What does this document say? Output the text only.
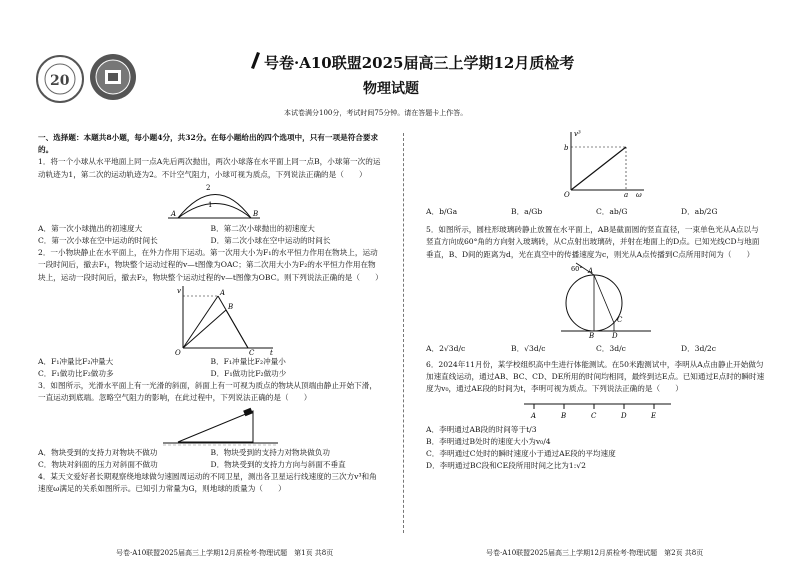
20
号卷·A10联盟2025届高三上学期12月质检考
物理试题
本试卷满分100分，考试时间75分钟。请在答题卡上作答。

一、选择题：本题共8小题，每小题4分，共32分。在每小题给出的四个选项中，只有一项是符合要求的。

1．将一个小球从水平地面上同一点A先后两次抛出，两次小球落在水平面上同一点B，小球第一次的运动轨迹为1，第二次的运动轨迹为2。不计空气阻力，小球可视为质点，下列说法正确的是（　　）

2
1
A	B
A．第一次小球抛出的初速度大	B．第二次小球抛出的初速度大
C．第一次小球在空中运动的时间长	D．第二次小球在空中运动的时间长

2．一小物块静止在水平面上，在外力作用下运动。第一次用大小为F₁的水平恒力作用在物块上，运动一段时间后，撤去F₁，物块整个运动过程的v—t图像为OAC；第二次用大小为F₂的水平恒力作用在物块上，运动一段时间后，撤去F₂，物块整个运动过程的v—t图像为OBC。则下列说法正确的是（　　）

v
t
O
A
B
C
A．F₁冲量比F₂冲量大	B．F₁冲量比F₂冲量小
C．F₁做功比F₂做功多	D．F₁做功比F₂做功少

3．如图所示，光滑水平面上有一光滑的斜面，斜面上有一可视为质点的物块从顶端由静止开始下滑，一直运动到底端。忽略空气阻力的影响，在此过程中，下列说法正确的是（　　）

A．物块受到的支持力对物块不做功	B．物块受到的支持力对物块做负功
C．物块对斜面的压力对斜面不做功	D．物块受到的支持力方向与斜面不垂直

4．某天文爱好者长期观察绕地球做匀速圆周运动的不同卫星，测出各卫星运行线速度的三次方v³和角速度ω满足的关系如图所示。已知引力常量为G，则地球的质量为（　　）

v³
b
O	a ω
A．b/Ga	B．a/Gb	C．ab/G	D．ab/2G

5．如图所示，圆柱形玻璃砖静止放置在水平面上，AB是截面圆的竖直直径，一束单色光从A点以与竖直方向成60°角的方向射入玻璃砖，从C点射出玻璃砖，并射在地面上的D点。已知光线CD与地面垂直，B、D间的距离为d，光在真空中的传播速度为c，则光从A点传播到C点所用时间为（　　）

60° A
B
C
D
A．2√3d/c	B．√3d/c	C．3d/c	D．3d/2c

6．2024年11月份，某学校组织高中生进行体能测试。在50米跑测试中，李明从A点由静止开始做匀加速直线运动，通过AB、BC、CD、DE所用的时间均相同，最终到达E点。已知通过E点时的瞬时速度为v₀，通过AE段的时间为t，李明可视为质点。下列说法正确的是（　　）

A	B	C	D	E

A．李明通过AB段的时间等于t/3

B．李明通过B处时的速度大小为v₀/4

C．李明通过C处时的瞬时速度小于通过AE段的平均速度

D．李明通过BC段和CE段所用时间之比为1:√2

号卷·A10联盟2025届高三上学期12月质检考·物理试题　第1页 共8页	号卷·A10联盟2025届高三上学期12月质检考·物理试题　第2页 共8页
